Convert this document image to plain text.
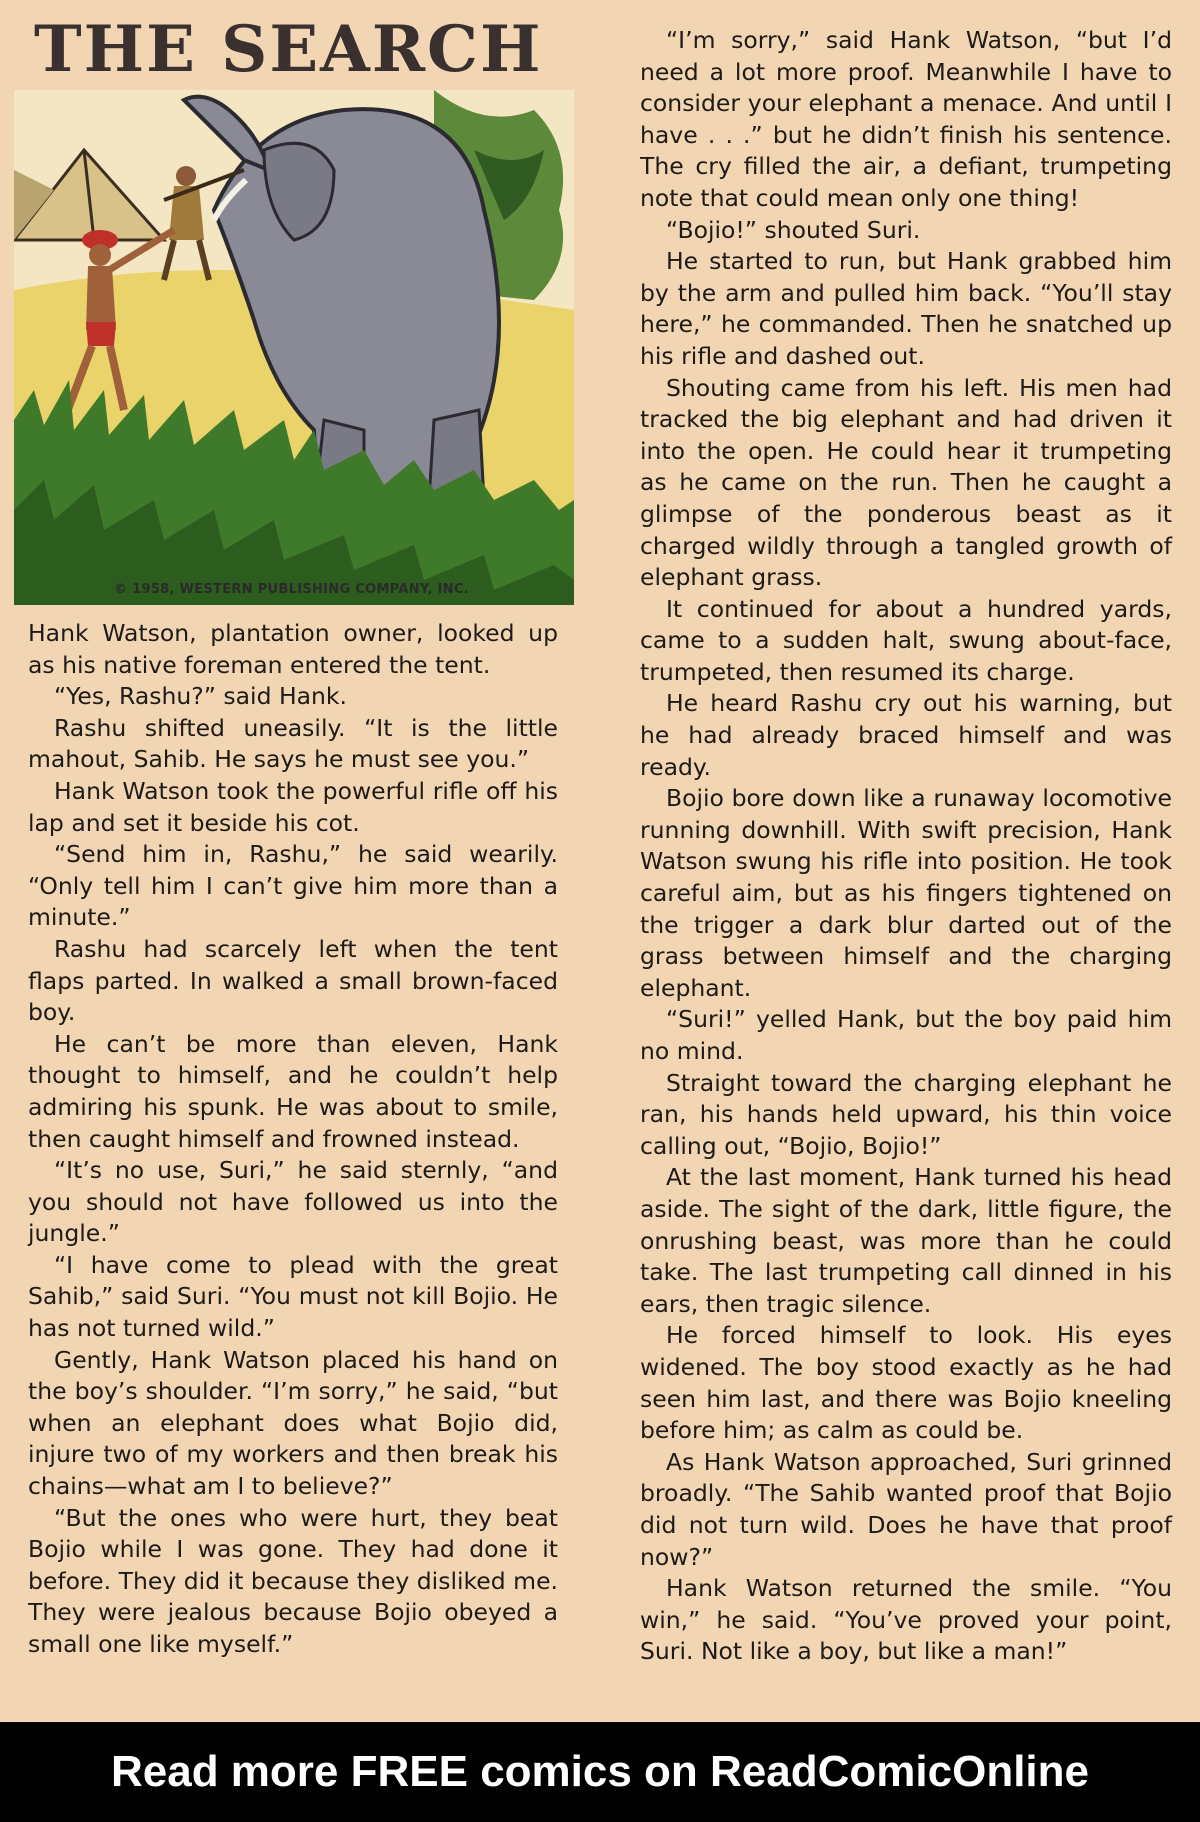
THE SEARCH
© 1958, WESTERN PUBLISHING COMPANY, INC.

Hank Watson, plantation owner, looked up as his native foreman entered the tent.

“Yes, Rashu?” said Hank.

Rashu shifted uneasily. “It is the little mahout, Sahib. He says he must see you.”

Hank Watson took the powerful rifle off his lap and set it beside his cot.

“Send him in, Rashu,” he said wearily. “Only tell him I can’t give him more than a minute.”

Rashu had scarcely left when the tent flaps parted. In walked a small brown-faced boy.

He can’t be more than eleven, Hank thought to himself, and he couldn’t help admiring his spunk. He was about to smile, then caught himself and frowned instead.

“It’s no use, Suri,” he said sternly, “and you should not have followed us into the jungle.”

“I have come to plead with the great Sahib,” said Suri. “You must not kill Bojio. He has not turned wild.”

Gently, Hank Watson placed his hand on the boy’s shoulder. “I’m sorry,” he said, “but when an elephant does what Bojio did, injure two of my workers and then break his chains—what am I to believe?”

“But the ones who were hurt, they beat Bojio while I was gone. They had done it before. They did it because they disliked me. They were jealous because Bojio obeyed a small one like myself.”

“I’m sorry,” said Hank Watson, “but I’d need a lot more proof. Meanwhile I have to consider your elephant a menace. And until I have . . .” but he didn’t finish his sentence. The cry filled the air, a defiant, trumpeting note that could mean only one thing!

“Bojio!” shouted Suri.

He started to run, but Hank grabbed him by the arm and pulled him back. “You’ll stay here,” he commanded. Then he snatched up his rifle and dashed out.

Shouting came from his left. His men had tracked the big elephant and had driven it into the open. He could hear it trumpeting as he came on the run. Then he caught a glimpse of the ponderous beast as it charged wildly through a tangled growth of elephant grass.

It continued for about a hundred yards, came to a sudden halt, swung about-face, trumpeted, then resumed its charge.

He heard Rashu cry out his warning, but he had already braced himself and was ready.

Bojio bore down like a runaway locomotive running downhill. With swift precision, Hank Watson swung his rifle into position. He took careful aim, but as his fingers tightened on the trigger a dark blur darted out of the grass between himself and the charging elephant.

“Suri!” yelled Hank, but the boy paid him no mind.

Straight toward the charging elephant he ran, his hands held upward, his thin voice calling out, “Bojio, Bojio!”

At the last moment, Hank turned his head aside. The sight of the dark, little figure, the onrushing beast, was more than he could take. The last trumpeting call dinned in his ears, then tragic silence.

He forced himself to look. His eyes widened. The boy stood exactly as he had seen him last, and there was Bojio kneeling before him; as calm as could be.

As Hank Watson approached, Suri grinned broadly. “The Sahib wanted proof that Bojio did not turn wild. Does he have that proof now?”

Hank Watson returned the smile. “You win,” he said. “You’ve proved your point, Suri. Not like a boy, but like a man!”

Read more FREE comics on ReadComicOnline
